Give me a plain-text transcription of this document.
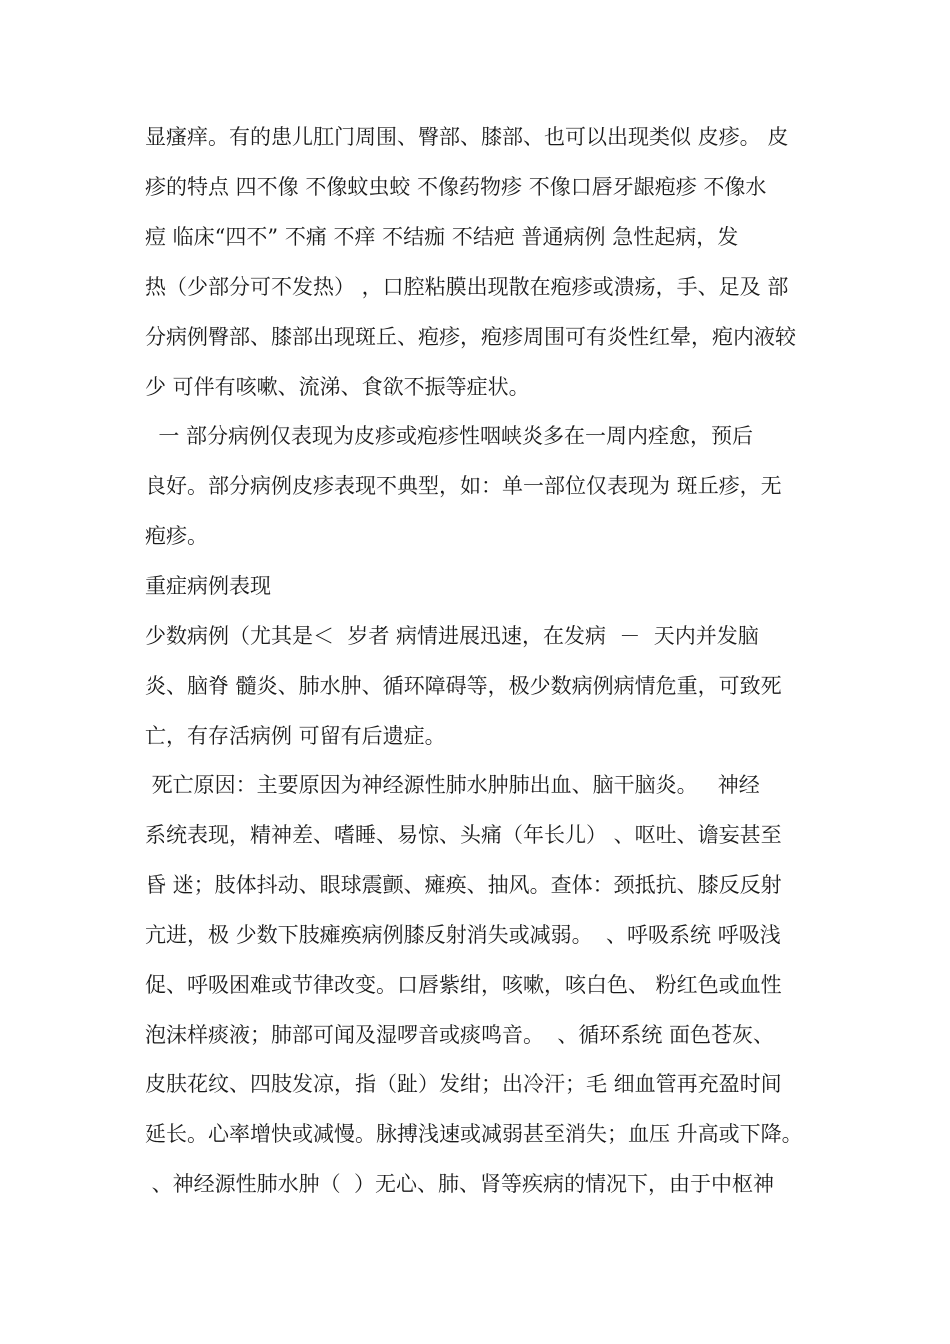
显瘙痒。有的患儿肛门周围、臀部、膝部、也可以出现类似 皮疹。 皮
疹的特点 四不像 不像蚊虫蛟 不像药物疹 不像口唇牙龈疱疹 不像水
痘 临床“四不” 不痛 不痒 不结痂 不结疤 普通病例 急性起病，发
热（少部分可不发热） ，口腔粘膜出现散在疱疹或溃疡，手、足及 部
分病例臀部、膝部出现斑丘、疱疹，疱疹周围可有炎性红晕，疱内液较
少 可伴有咳嗽、流涕、食欲不振等症状。
一 部分病例仅表现为皮疹或疱疹性咽峡炎多在一周内痊愈，预后
良好。部分病例皮疹表现不典型，如：单一部位仅表现为 斑丘疹，无
疱疹。
重症病例表现
少数病例（尤其是＜  岁者 病情进展迅速，在发病  －  天内并发脑
炎、脑脊 髓炎、肺水肿、循环障碍等，极少数病例病情危重，可致死
亡，有存活病例 可留有后遗症。
死亡原因：主要原因为神经源性肺水肿肺出血、脑干脑炎。   神经
系统表现，精神差、嗜睡、易惊、头痛（年长儿） 、呕吐、谵妄甚至
昏 迷；肢体抖动、眼球震颤、瘫痪、抽风。查体：颈抵抗、膝反反射
亢进，极 少数下肢瘫痪病例膝反射消失或减弱。  、呼吸系统 呼吸浅
促、呼吸困难或节律改变。口唇紫绀，咳嗽，咳白色、 粉红色或血性
泡沫样痰液；肺部可闻及湿啰音或痰鸣音。  、循环系统 面色苍灰、
皮肤花纹、四肢发凉，指（趾）发绀；出冷汗；毛 细血管再充盈时间
延长。心率增快或减慢。脉搏浅速或减弱甚至消失；血压 升高或下降。
、神经源性肺水肿（  ）无心、肺、肾等疾病的情况下，由于中枢神
